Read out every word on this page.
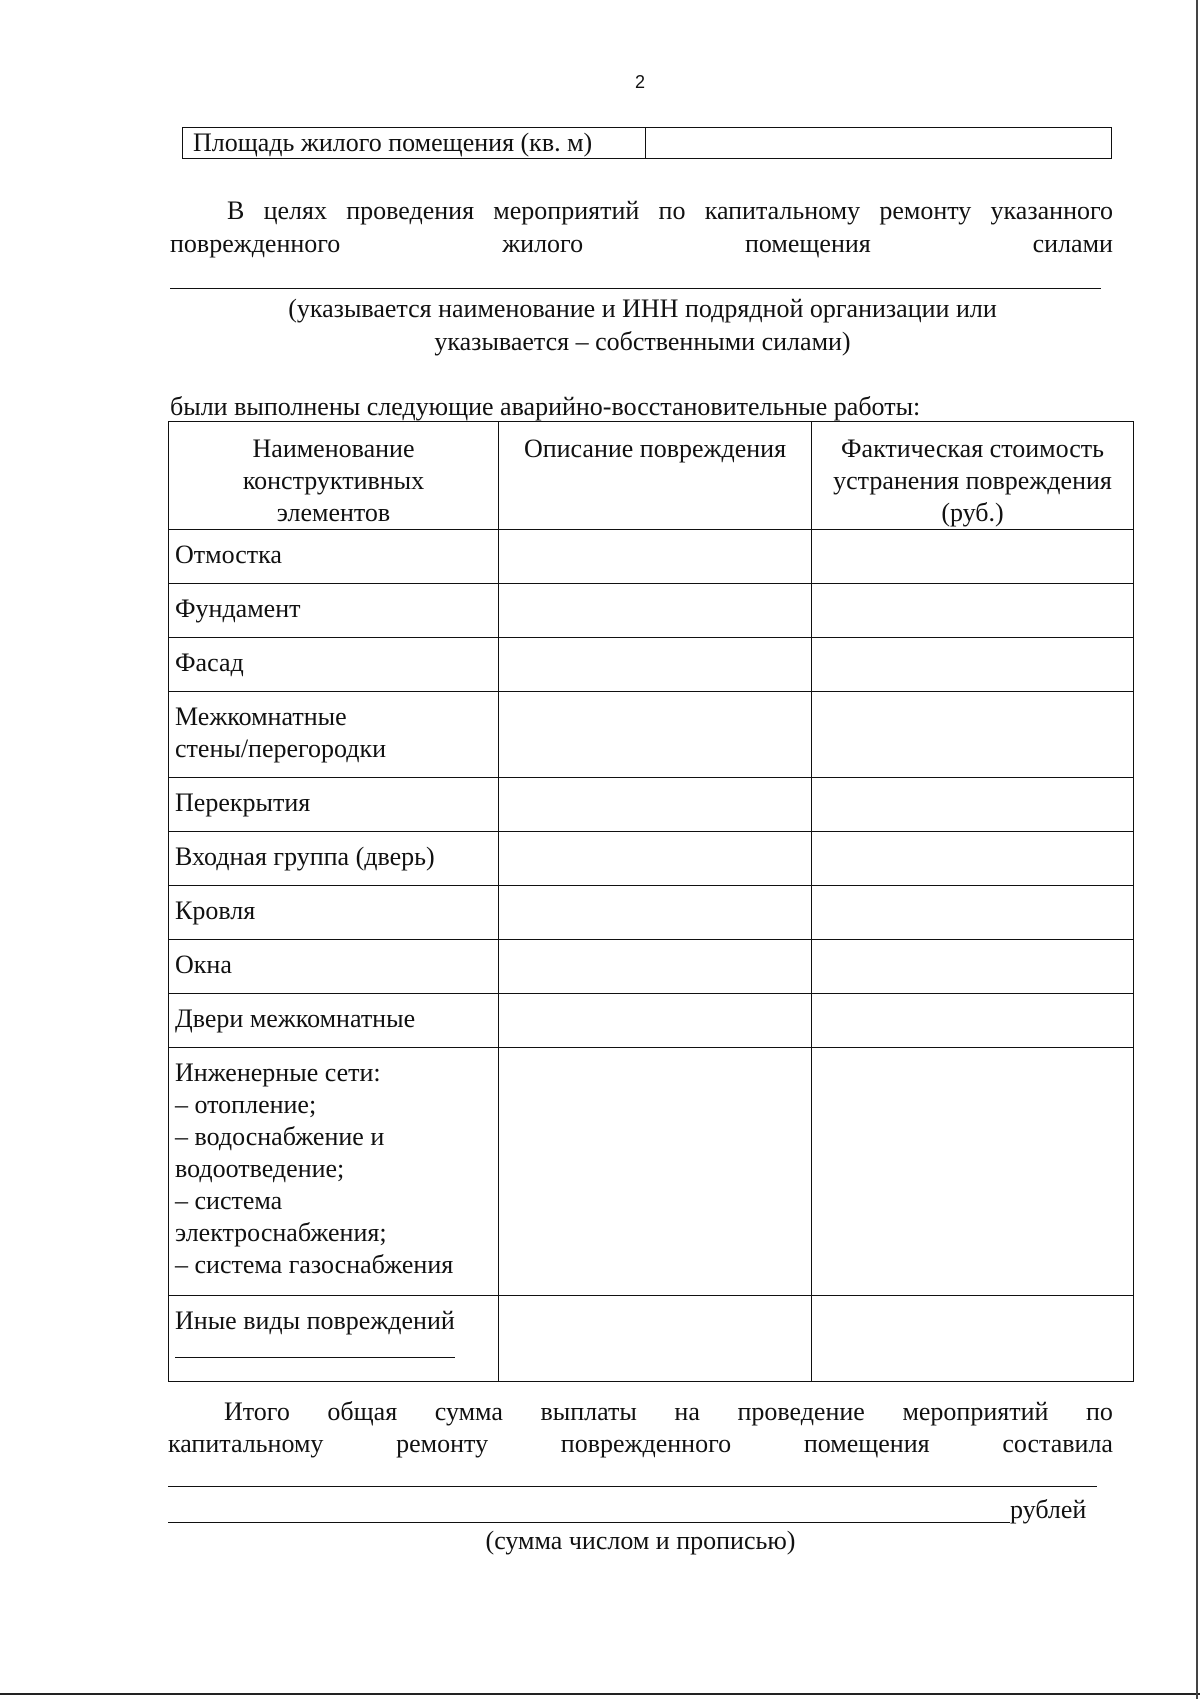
2
Площадь жилого помещения (кв. м)
В целях проведения мероприятий по капитальному ремонту указанного
поврежденного	жилого	помещения	силами
(указывается наименование и ИНН подрядной организации или
указывается – собственными силами)
были выполнены следующие аварийно-восстановительные работы:
Наименование конструктивных элементов	Описание повреждения	Фактическая стоимость устранения повреждения (руб.)
Отмостка		
Фундамент		
Фасад		
Межкомнатные стены/перегородки		
Перекрытия		
Входная группа (дверь)		
Кровля		
Окна		
Двери межкомнатные		
Инженерные сети:
– отопление;
– водоснабжение и водоотведение;
– система электроснабжения;
– система газоснабжения		
Иные виды повреждений

Итого общая сумма выплаты на проведение мероприятий по
капитальному	ремонту	поврежденного	помещения	составила
рублей
(сумма числом и прописью)
